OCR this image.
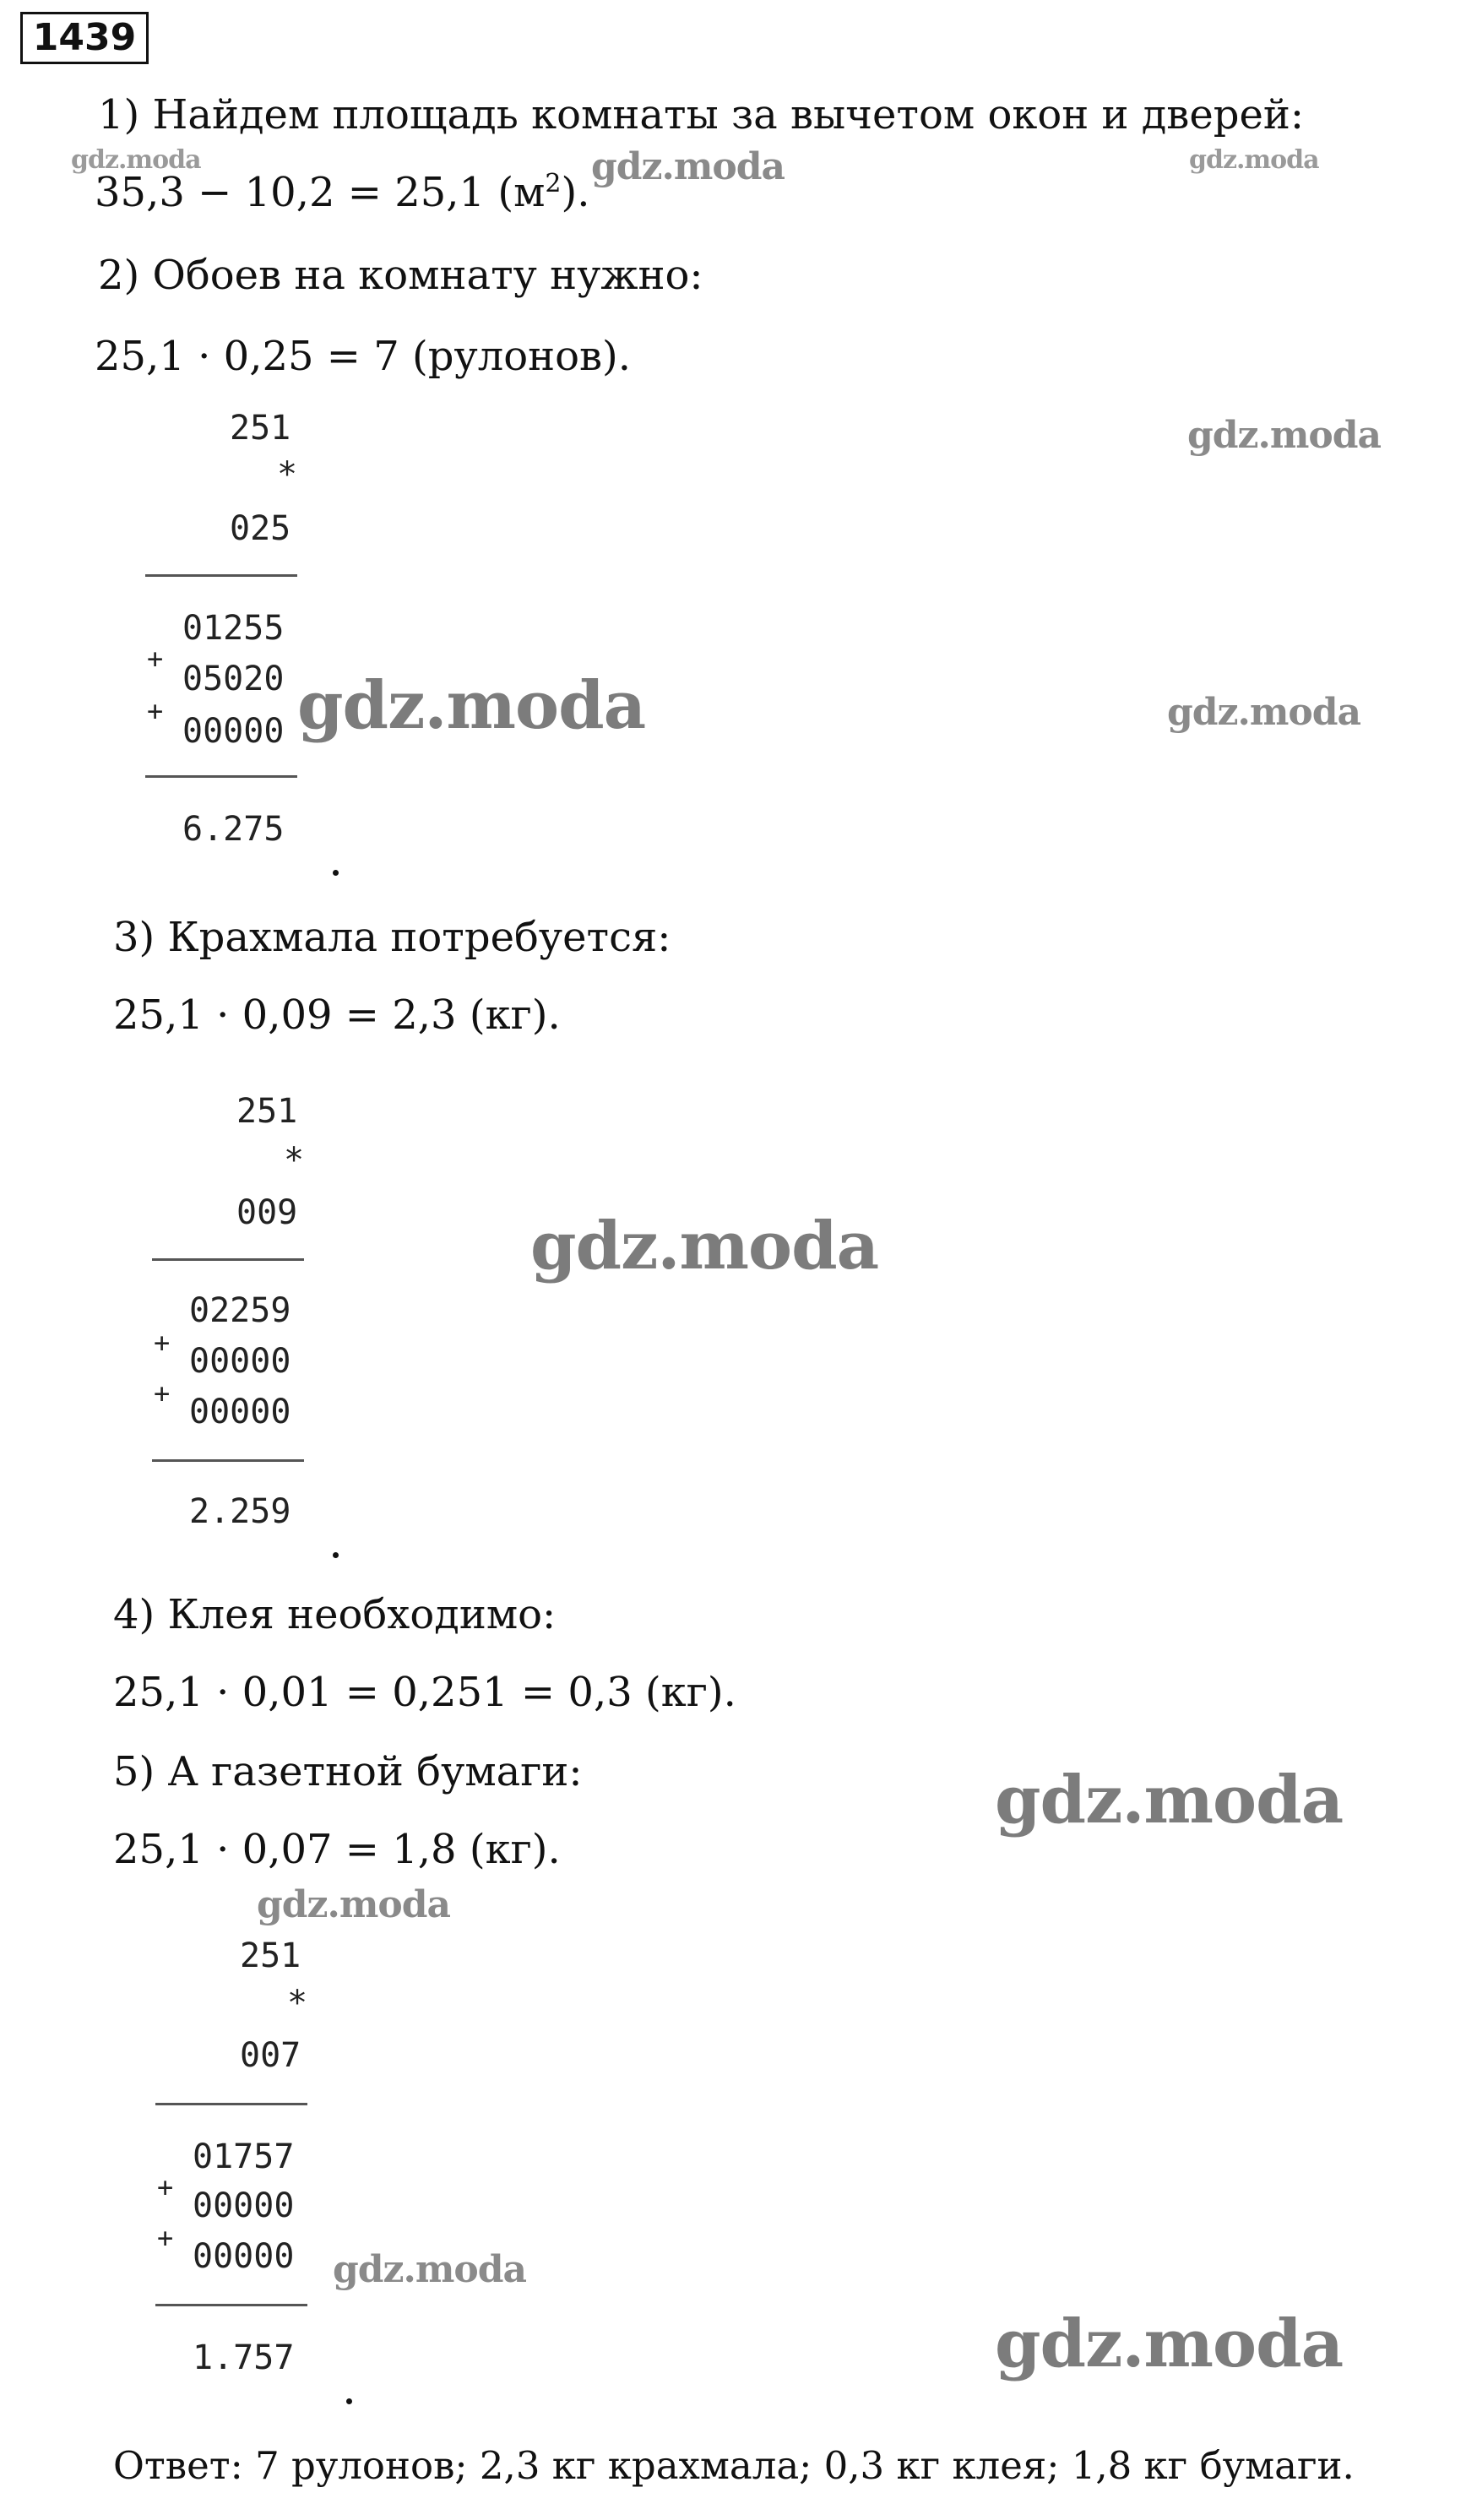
1439
1) Найдем площадь комнаты за вычетом окон и дверей:
35,3 − 10,2 = 25,1 $(м^2)$.
2) Обоев на комнату нужно:
25,1 · 0,25 = 7 (рулонов).
251
*
025
01255
+
05020
+
00000
6.275
3) Крахмала потребуется:
25,1 · 0,09 = 2,3 (кг).
251
*
009
02259
+ 00000
+ 00000
2.259
4) Клея необходимо:
25,1 · 0,01 = 0,251 = 0,3 (кг).
5) А газетной бумаги:
25,1 · 0,07 = 1,8 (кг).
251
*
007
01757
+ 00000
+ 00000
1.757
Ответ: 7 рулонов; 2,3 кг крахмала; 0,3 кг клея; 1,8 кг бумаги.
gdz.moda	gdz.moda	gdz.moda
gdz.moda
gdz.moda	gdz.moda
gdz.moda
gdz.moda
gdz.moda
gdz.moda
gdz.moda
